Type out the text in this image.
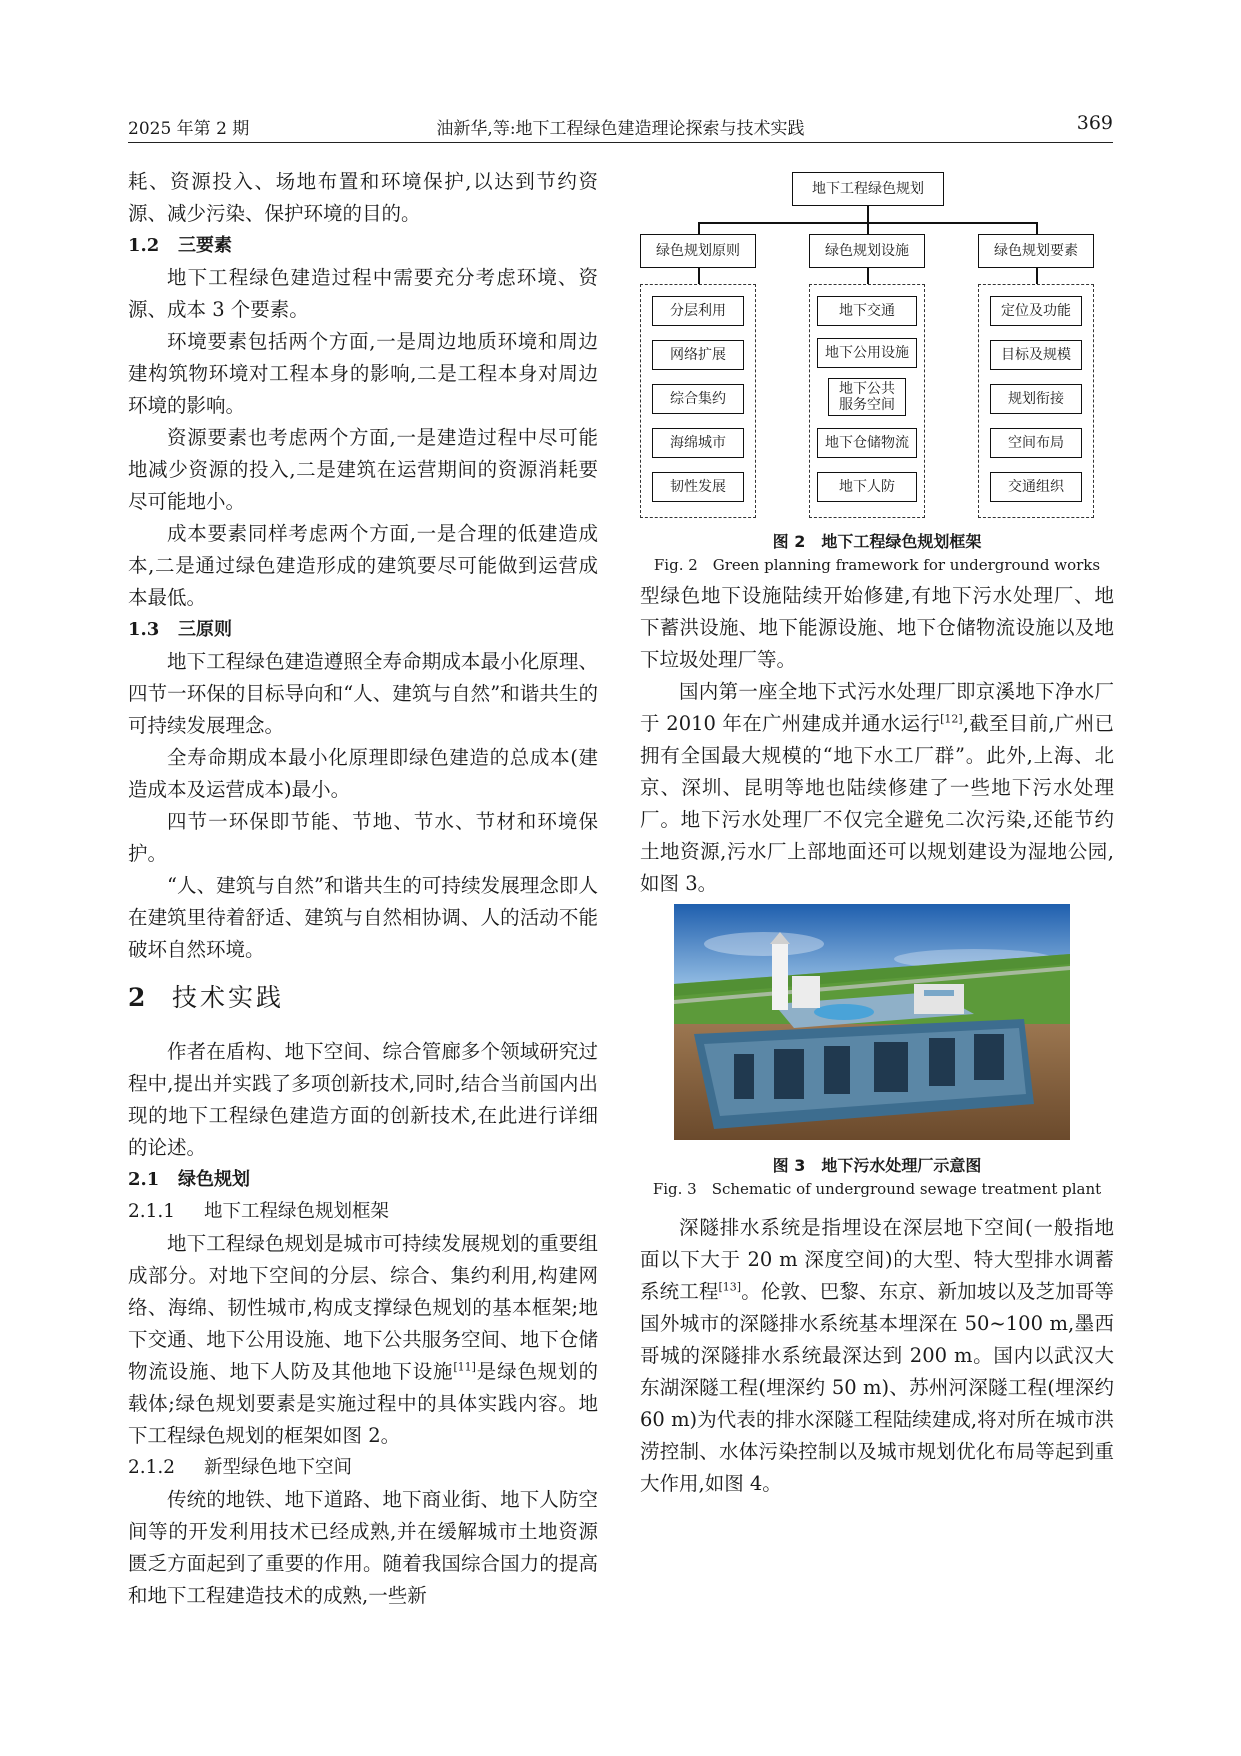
2025 年第 2 期	油新华,等:地下工程绿色建造理论探索与技术实践	369

耗、资源投入、场地布置和环境保护,以达到节约资源、减少污染、保护环境的目的。

1.2 三要素

地下工程绿色建造过程中需要充分考虑环境、资源、成本 3 个要素。

环境要素包括两个方面,一是周边地质环境和周边建构筑物环境对工程本身的影响,二是工程本身对周边环境的影响。

资源要素也考虑两个方面,一是建造过程中尽可能地减少资源的投入,二是建筑在运营期间的资源消耗要尽可能地小。

成本要素同样考虑两个方面,一是合理的低建造成本,二是通过绿色建造形成的建筑要尽可能做到运营成本最低。

1.3 三原则

地下工程绿色建造遵照全寿命期成本最小化原理、四节一环保的目标导向和“人、建筑与自然”和谐共生的可持续发展理念。

全寿命期成本最小化原理即绿色建造的总成本(建造成本及运营成本)最小。

四节一环保即节能、节地、节水、节材和环境保护。

“人、建筑与自然”和谐共生的可持续发展理念即人在建筑里待着舒适、建筑与自然相协调、人的活动不能破坏自然环境。

2 技术实践

作者在盾构、地下空间、综合管廊多个领域研究过程中,提出并实践了多项创新技术,同时,结合当前国内出现的地下工程绿色建造方面的创新技术,在此进行详细的论述。

2.1 绿色规划

2.1.1 地下工程绿色规划框架

地下工程绿色规划是城市可持续发展规划的重要组成部分。对地下空间的分层、综合、集约利用,构建网络、海绵、韧性城市,构成支撑绿色规划的基本框架;地下交通、地下公用设施、地下公共服务空间、地下仓储物流设施、地下人防及其他地下设施[11]是绿色规划的载体;绿色规划要素是实施过程中的具体实践内容。地下工程绿色规划的框架如图 2。

2.1.2 新型绿色地下空间

传统的地铁、地下道路、地下商业街、地下人防空间等的开发利用技术已经成熟,并在缓解城市土地资源匮乏方面起到了重要的作用。随着我国综合国力的提高和地下工程建造技术的成熟,一些新

地下工程绿色规划
绿色规划原则	绿色规划设施	绿色规划要素
分层利用
网络扩展
综合集约
海绵城市
韧性发展
地下交通
地下公用设施
地下公共服务空间
地下仓储物流
地下人防
定位及功能
目标及规模
规划衔接
空间布局
交通组织

图 2　地下工程绿色规划框架

Fig. 2　Green planning framework for underground works

型绿色地下设施陆续开始修建,有地下污水处理厂、地下蓄洪设施、地下能源设施、地下仓储物流设施以及地下垃圾处理厂等。

国内第一座全地下式污水处理厂即京溪地下净水厂于 2010 年在广州建成并通水运行[12],截至目前,广州已拥有全国最大规模的“地下水工厂群”。此外,上海、北京、深圳、昆明等地也陆续修建了一些地下污水处理厂。地下污水处理厂不仅完全避免二次污染,还能节约土地资源,污水厂上部地面还可以规划建设为湿地公园,如图 3。

图 3　地下污水处理厂示意图

Fig. 3　Schematic of underground sewage treatment plant

深隧排水系统是指埋设在深层地下空间(一般指地面以下大于 20 m 深度空间)的大型、特大型排水调蓄系统工程[13]。伦敦、巴黎、东京、新加坡以及芝加哥等国外城市的深隧排水系统基本埋深在 50~100 m,墨西哥城的深隧排水系统最深达到 200 m。国内以武汉大东湖深隧工程(埋深约 50 m)、苏州河深隧工程(埋深约 60 m)为代表的排水深隧工程陆续建成,将对所在城市洪涝控制、水体污染控制以及城市规划优化布局等起到重大作用,如图 4。
